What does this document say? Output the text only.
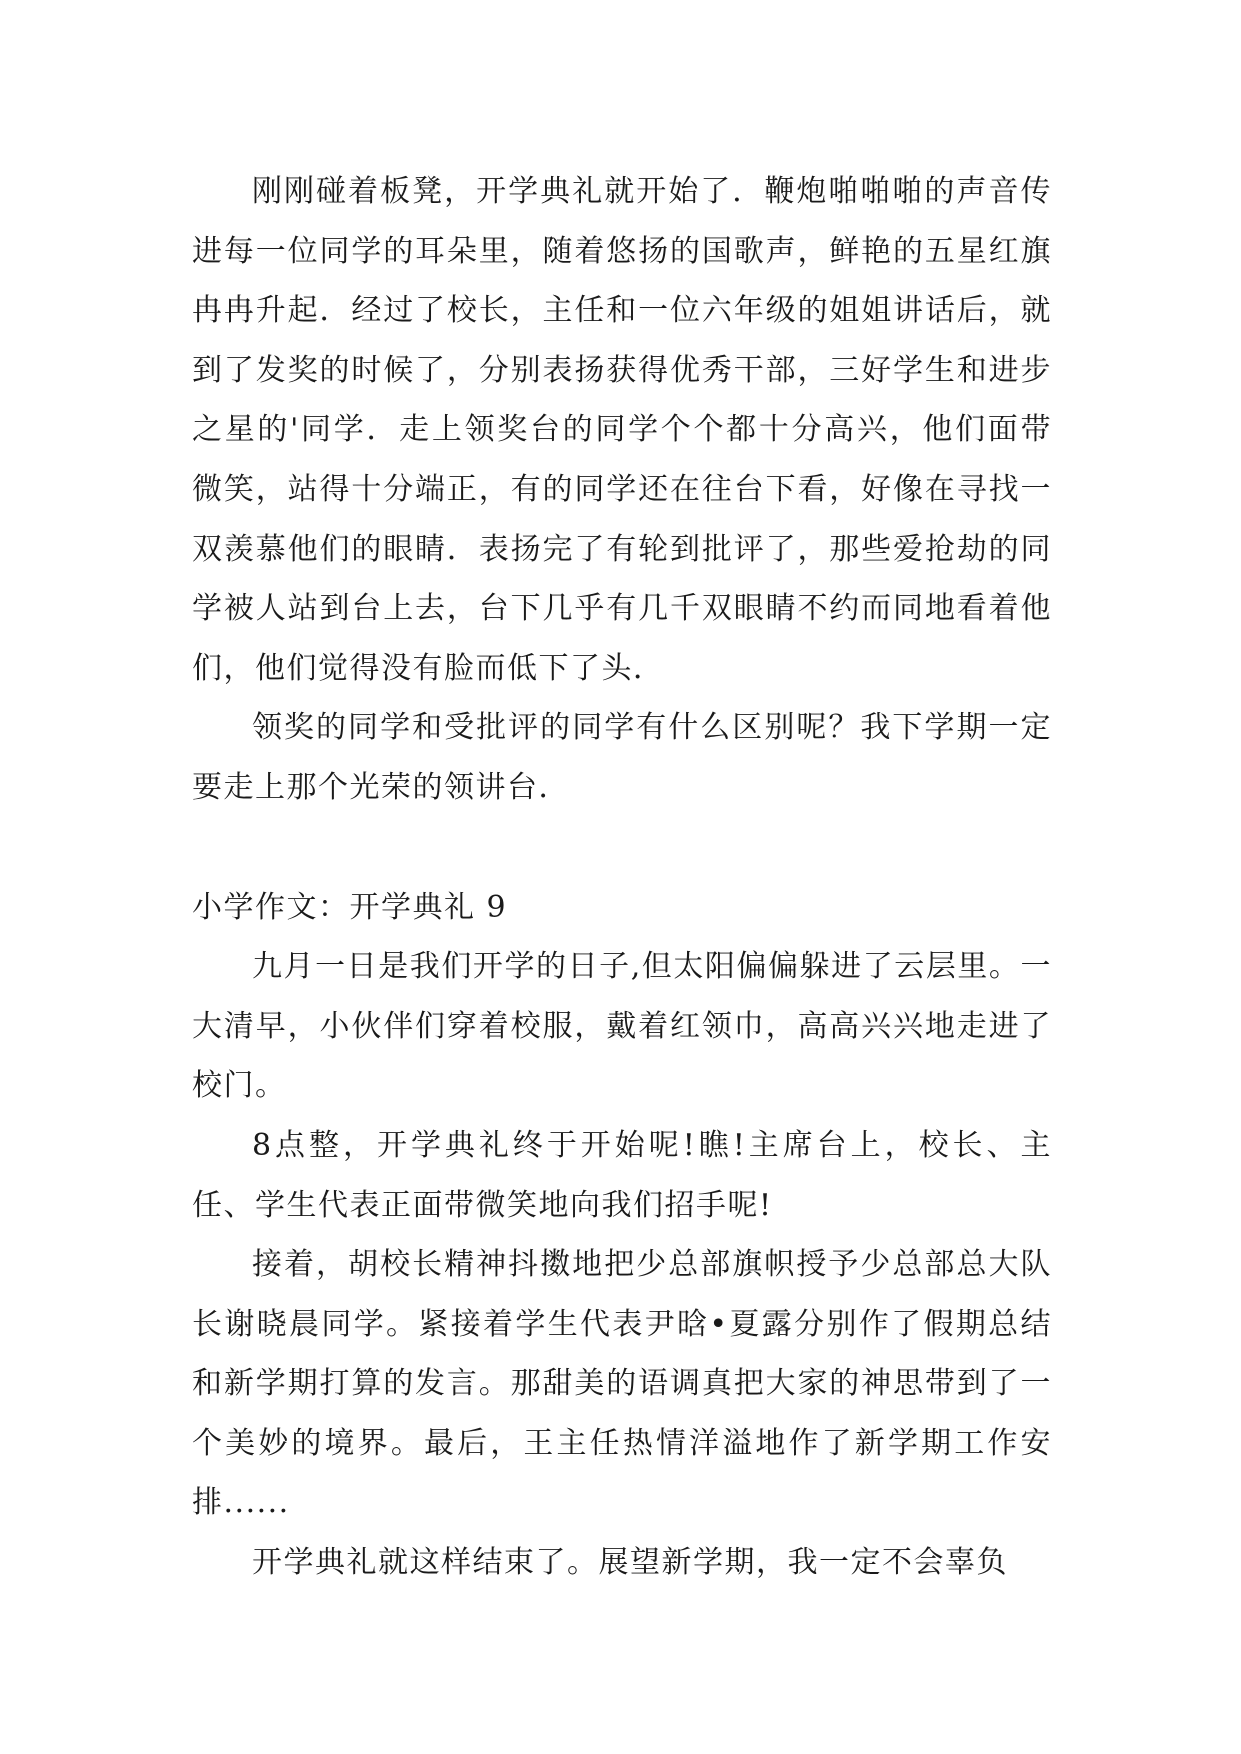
刚刚碰着板凳，开学典礼就开始了．鞭炮啪啪啪的声音传进每一位同学的耳朵里，随着悠扬的国歌声，鲜艳的五星红旗冉冉升起．经过了校长，主任和一位六年级的姐姐讲话后，就到了发奖的时候了，分别表扬获得优秀干部，三好学生和进步之星的'同学．走上领奖台的同学个个都十分高兴，他们面带微笑，站得十分端正，有的同学还在往台下看，好像在寻找一双羡慕他们的眼睛．表扬完了有轮到批评了，那些爱抢劫的同学被人站到台上去，台下几乎有几千双眼睛不约而同地看着他们，他们觉得没有脸而低下了头．

领奖的同学和受批评的同学有什么区别呢？我下学期一定要走上那个光荣的领讲台．

小学作文：开学典礼 9

九月一日是我们开学的日子,但太阳偏偏躲进了云层里。一大清早，小伙伴们穿着校服，戴着红领巾，高高兴兴地走进了校门。

8点整，开学典礼终于开始呢!瞧!主席台上，校长、主任、学生代表正面带微笑地向我们招手呢!

接着，胡校长精神抖擞地把少总部旗帜授予少总部总大队长谢晓晨同学。紧接着学生代表尹晗•夏露分别作了假期总结和新学期打算的发言。那甜美的语调真把大家的神思带到了一个美妙的境界。最后，王主任热情洋溢地作了新学期工作安排......

开学典礼就这样结束了。展望新学期，我一定不会辜负
